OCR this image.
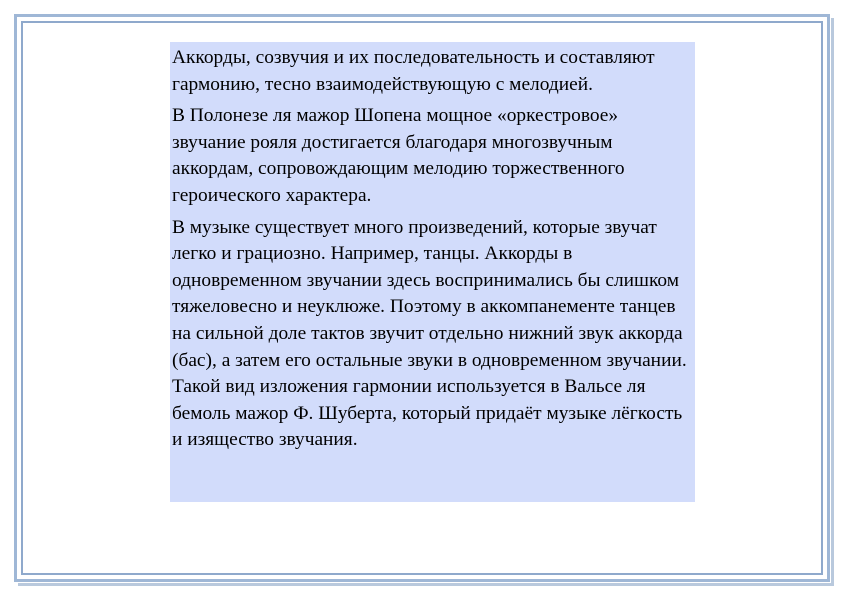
Аккорды, созвучия и их последовательность и составляют гармонию, тесно взаимодействующую с мелодией.

В Полонезе ля мажор Шопена мощное «оркестровое» звучание рояля достигается благодаря многозвучным аккордам, сопровождающим мелодию торжественного героического характера.

В музыке существует много произведений, которые звучат легко и грациозно. Например, танцы. Аккорды в одновременном звучании здесь воспринимались бы слишком тяжеловесно и неуклюже. Поэтому в аккомпанементе танцев на сильной доле тактов звучит отдельно нижний звук аккорда (бас), а затем его остальные звуки в одновременном звучании. Такой вид изложения гармонии используется в Вальсе ля бемоль мажор Ф. Шуберта, который придаёт музыке лёгкость и изящество звучания.
